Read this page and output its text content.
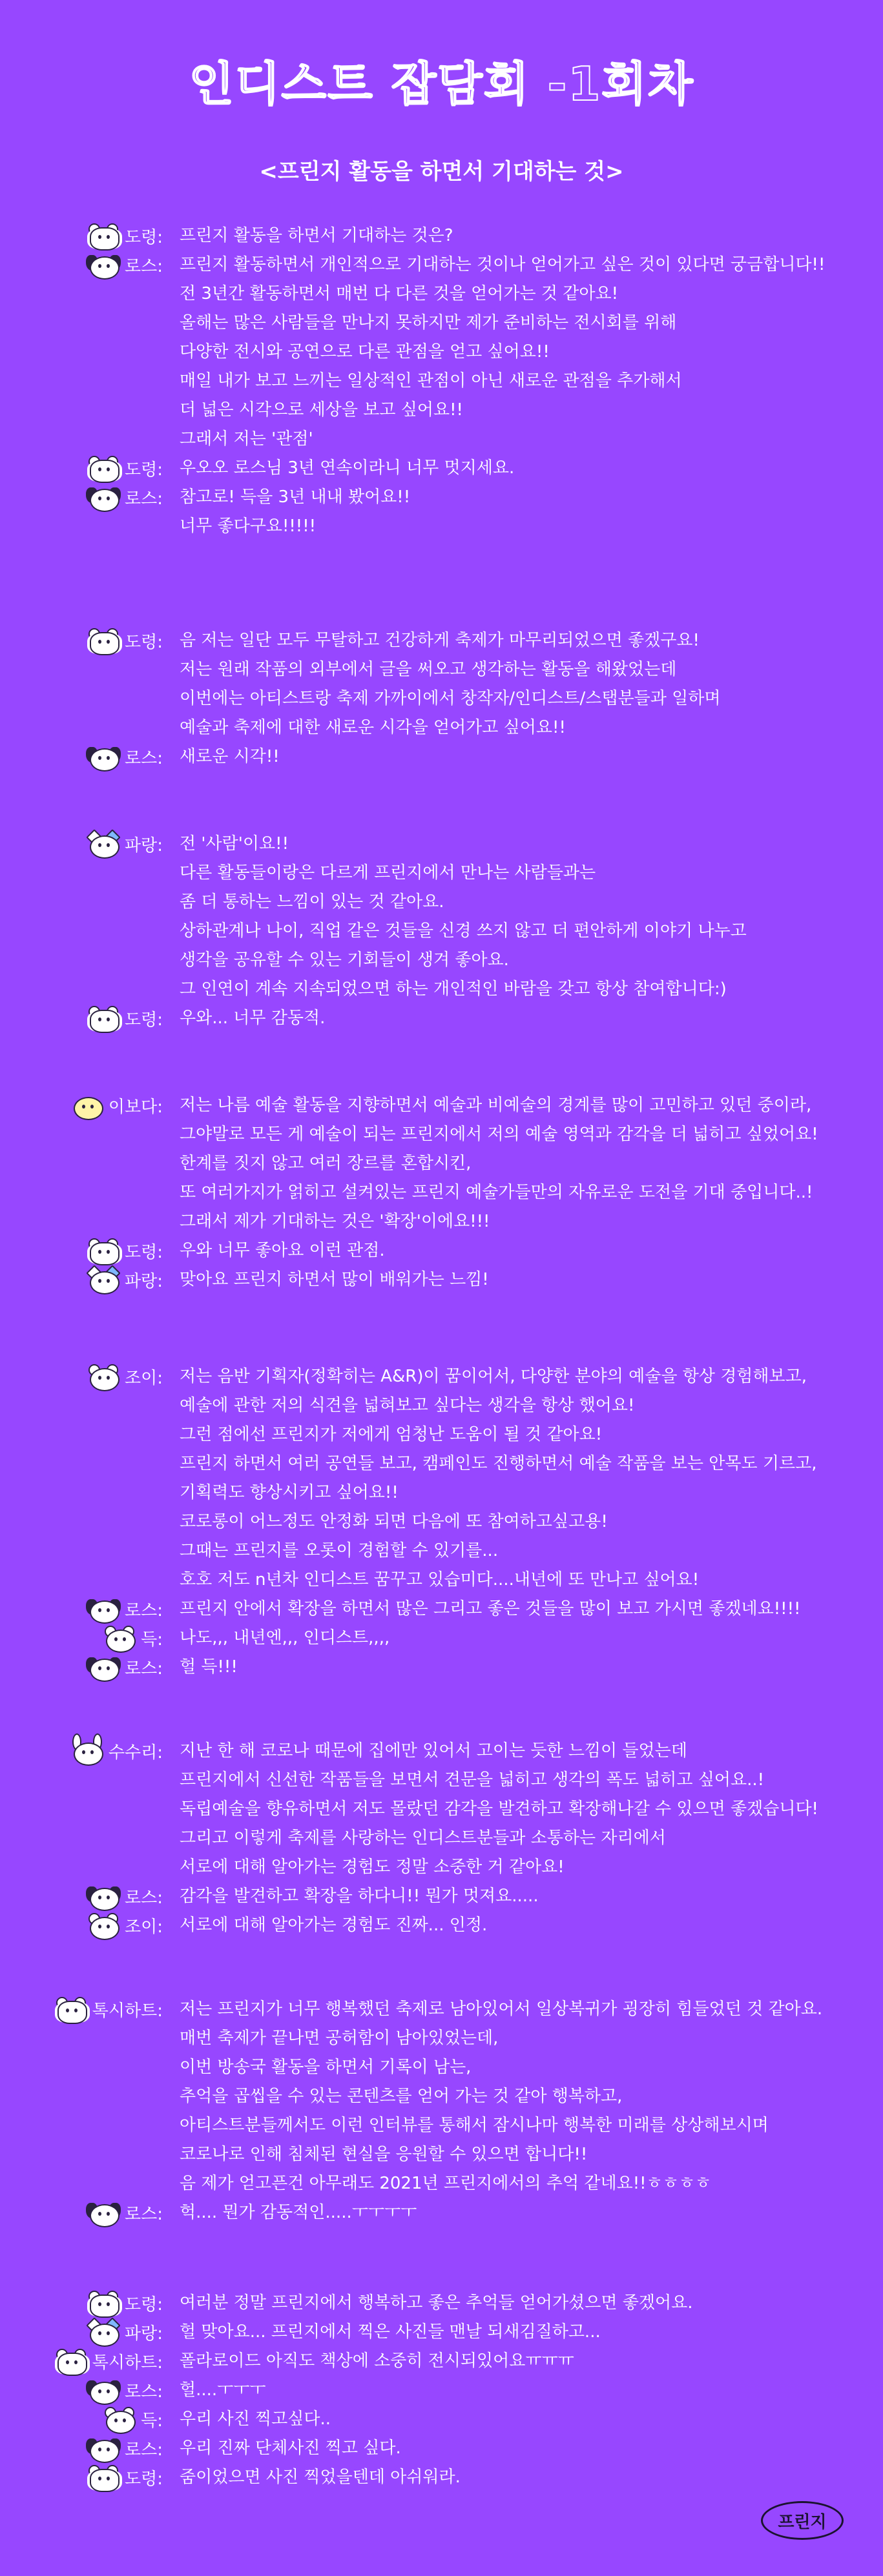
인디스트 잡담회 -1회차
<프린지 활동을 하면서 기대하는 것>
도령: 프린지 활동을 하면서 기대하는 것은?
로스: 프린지 활동하면서 개인적으로 기대하는 것이나 얻어가고 싶은 것이 있다면 궁금합니다!!
전 3년간 활동하면서 매번 다 다른 것을 얻어가는 것 같아요!
올해는 많은 사람들을 만나지 못하지만 제가 준비하는 전시회를 위해
다양한 전시와 공연으로 다른 관점을 얻고 싶어요!!
매일 내가 보고 느끼는 일상적인 관점이 아닌 새로운 관점을 추가해서
더 넓은 시각으로 세상을 보고 싶어요!!
그래서 저는 '관점'
도령: 우오오 로스님 3년 연속이라니 너무 멋지세요.
로스: 참고로! 득을 3년 내내 봤어요!!
너무 좋다구요!!!!!
도령: 음 저는 일단 모두 무탈하고 건강하게 축제가 마무리되었으면 좋겠구요!
저는 원래 작품의 외부에서 글을 써오고 생각하는 활동을 해왔었는데
이번에는 아티스트랑 축제 가까이에서 창작자/인디스트/스탭분들과 일하며
예술과 축제에 대한 새로운 시각을 얻어가고 싶어요!!
로스: 새로운 시각!!
파랑: 전 '사람'이요!!
다른 활동들이랑은 다르게 프린지에서 만나는 사람들과는
좀 더 통하는 느낌이 있는 것 같아요.
상하관계나 나이, 직업 같은 것들을 신경 쓰지 않고 더 편안하게 이야기 나누고
생각을 공유할 수 있는 기회들이 생겨 좋아요.
그 인연이 계속 지속되었으면 하는 개인적인 바람을 갖고 항상 참여합니다:)
도령: 우와... 너무 감동적.
이보다: 저는 나름 예술 활동을 지향하면서 예술과 비예술의 경계를 많이 고민하고 있던 중이라,
그야말로 모든 게 예술이 되는 프린지에서 저의 예술 영역과 감각을 더 넓히고 싶었어요!
한계를 짓지 않고 여러 장르를 혼합시킨,
또 여러가지가 얽히고 설켜있는 프린지 예술가들만의 자유로운 도전을 기대 중입니다..!
그래서 제가 기대하는 것은 '확장'이에요!!!
도령: 우와 너무 좋아요 이런 관점.
파랑: 맞아요 프린지 하면서 많이 배워가는 느낌!
조이: 저는 음반 기획자(정확히는 A&R)이 꿈이어서, 다양한 분야의 예술을 항상 경험해보고,
예술에 관한 저의 식견을 넓혀보고 싶다는 생각을 항상 했어요!
그런 점에선 프린지가 저에게 엄청난 도움이 될 것 같아요!
프린지 하면서 여러 공연들 보고, 캠페인도 진행하면서 예술 작품을 보는 안목도 기르고,
기획력도 향상시키고 싶어요!!
코로롱이 어느정도 안정화 되면 다음에 또 참여하고싶고용!
그때는 프린지를 오롯이 경험할 수 있기를...
호호 저도 n년차 인디스트 꿈꾸고 있습미다....내년에 또 만나고 싶어요!
로스: 프린지 안에서 확장을 하면서 많은 그리고 좋은 것들을 많이 보고 가시면 좋겠네요!!!!
득: 나도,,, 내년엔,,, 인디스트,,,,
로스: 헐 득!!!
수수리: 지난 한 해 코로나 때문에 집에만 있어서 고이는 듯한 느낌이 들었는데
프린지에서 신선한 작품들을 보면서 견문을 넓히고 생각의 폭도 넓히고 싶어요..!
독립예술을 향유하면서 저도 몰랐던 감각을 발견하고 확장해나갈 수 있으면 좋겠습니다!
그리고 이렇게 축제를 사랑하는 인디스트분들과 소통하는 자리에서
서로에 대해 알아가는 경험도 정말 소중한 거 같아요!
로스: 감각을 발견하고 확장을 하다니!! 뭔가 멋져요.....
조이: 서로에 대해 알아가는 경험도 진짜... 인정.
톡시하트: 저는 프린지가 너무 행복했던 축제로 남아있어서 일상복귀가 굉장히 힘들었던 것 같아요.
매번 축제가 끝나면 공허함이 남아있었는데,
이번 방송국 활동을 하면서 기록이 남는,
추억을 곱씹을 수 있는 콘텐츠를 얻어 가는 것 같아 행복하고,
아티스트분들께서도 이런 인터뷰를 통해서 잠시나마 행복한 미래를 상상해보시며
코로나로 인해 침체된 현실을 응원할 수 있으면 합니다!!
음 제가 얻고픈건 아무래도 2021년 프린지에서의 추억 같네요!!ㅎㅎㅎㅎ
로스: 헉.... 뭔가 감동적인.....ㅜㅜㅜㅜ
도령: 여러분 정말 프린지에서 행복하고 좋은 추억들 얻어가셨으면 좋겠어요.
파랑: 헐 맞아요... 프린지에서 찍은 사진들 맨날 되새김질하고...
톡시하트: 폴라로이드 아직도 책상에 소중히 전시되있어요ㅠㅠㅠ
로스: 헐....ㅜㅜㅜ
득: 우리 사진 찍고싶다..
로스: 우리 진짜 단체사진 찍고 싶다.
도령: 줌이었으면 사진 찍었을텐데 아쉬워라.
프린지
